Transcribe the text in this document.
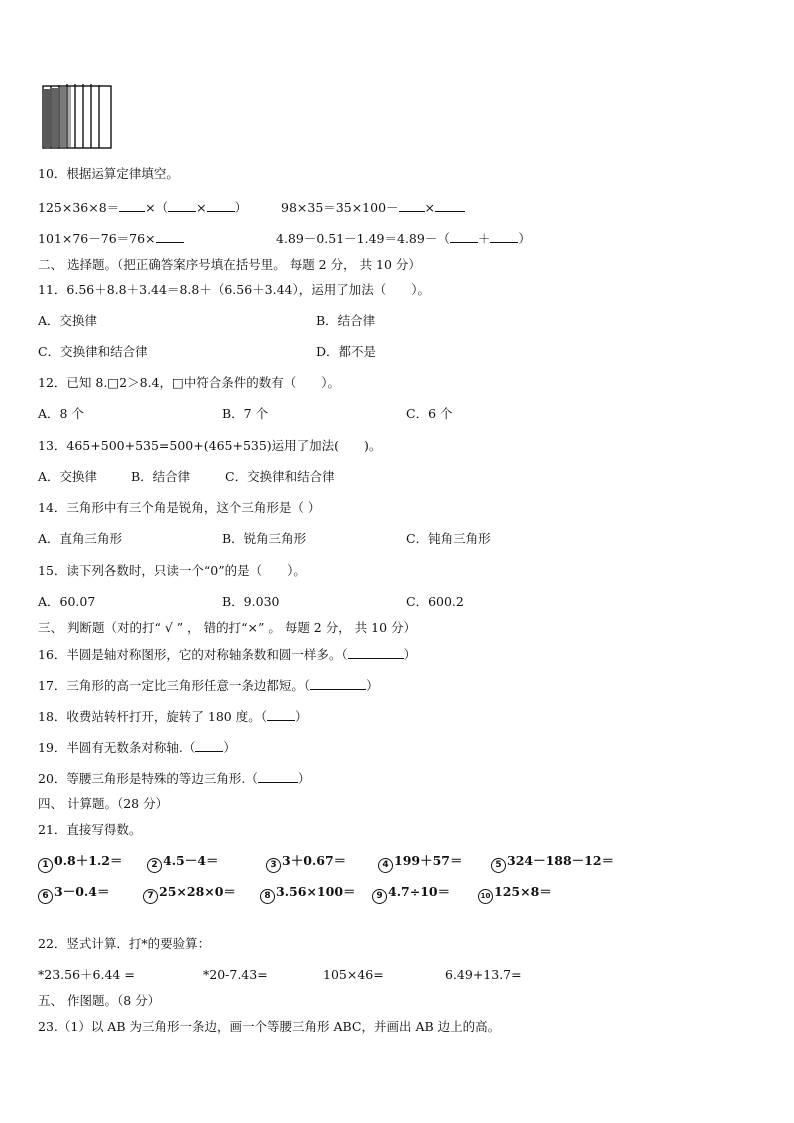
10．根据运算定律填空。
125×36×8＝ ×（ × ）	98×35＝35×100－ ×
101×76－76＝76×	4.89－0.51－1.49＝4.89－（ ＋ ）
二、 选择题。（把正确答案序号填在括号里。 每题 2 分， 共 10 分）
11．6.56＋8.8＋3.44＝8.8＋（6.56＋3.44），运用了加法（　　）。
A．交换律	B．结合律
C．交换律和结合律	D．都不是
12．已知 8.□2＞8.4，□中符合条件的数有（　　）。
A．8 个	B．7 个	C．6 个
13．465+500+535=500+(465+535)运用了加法(　　)。
A．交换律	B．结合律	C．交换律和结合律
14．三角形中有三个角是锐角，这个三角形是（ ）
A．直角三角形	B．锐角三角形	C．钝角三角形
15．读下列各数时，只读一个“0”的是（　　）。
A．60.07	B．9.030	C．600.2
三、 判断题（对的打“ √ ” ， 错的打“×” 。 每题 2 分， 共 10 分）
16．半圆是轴对称图形，它的对称轴条数和圆一样多。（	）
17．三角形的高一定比三角形任意一条边都短。（	）
18．收费站转杆打开，旋转了 180 度。（ ）
19．半圆有无数条对称轴.（ ）
20．等腰三角形是特殊的等边三角形.（	）
四、 计算题。（28 分）
21．直接写得数。
1 0.8＋1.2＝	2 4.5－4＝	3 3＋0.67＝	4 199＋57＝	5 324－188－12＝
6 3－0.4＝	7 25×28×0＝	8 3.56×100＝	9 4.7÷10＝	10 125×8＝
22．竖式计算．打*的要验算：
*23.56＋6.44 =	*20-7.43=	105×46=	6.49+13.7=
五、 作图题。（8 分）
23.（1）以 AB 为三角形一条边，画一个等腰三角形 ABC，并画出 AB 边上的高。
